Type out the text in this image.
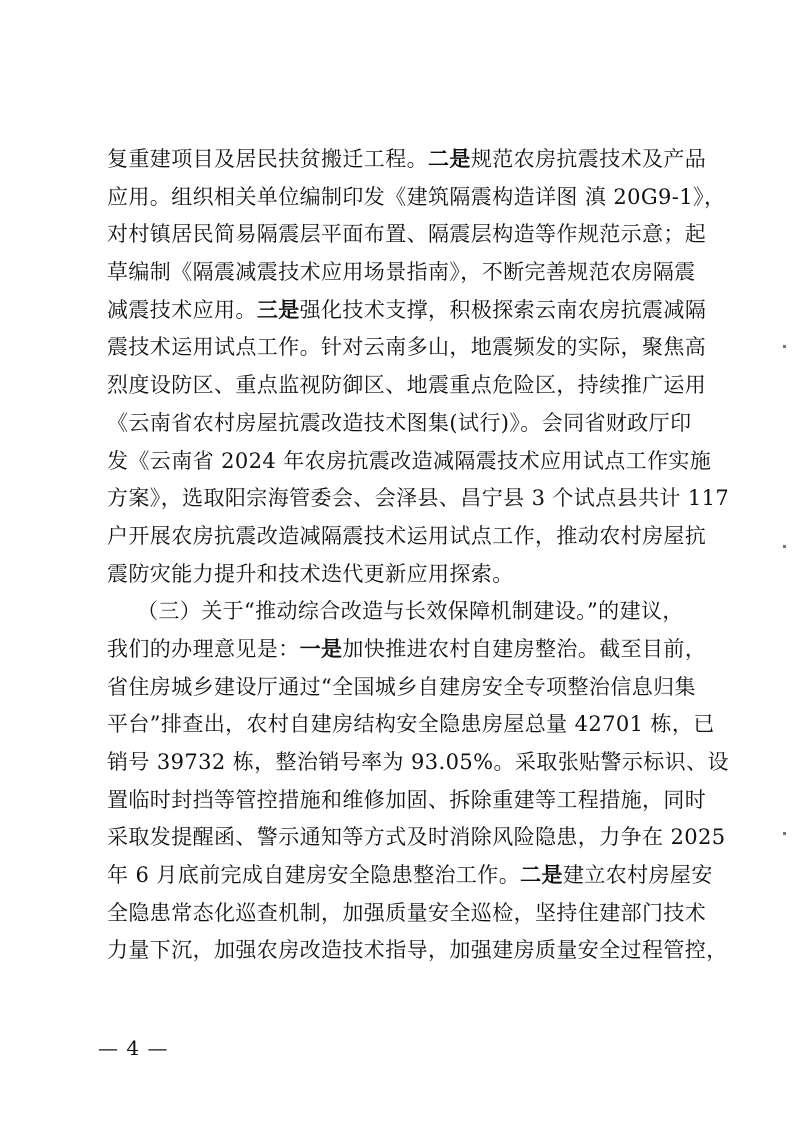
复重建项目及居民扶贫搬迁工程。二是规范农房抗震技术及产品
应用。组织相关单位编制印发《建筑隔震构造详图 滇 20G9-1》，
对村镇居民简易隔震层平面布置、隔震层构造等作规范示意；起
草编制《隔震减震技术应用场景指南》，不断完善规范农房隔震
减震技术应用。三是强化技术支撑，积极探索云南农房抗震减隔
震技术运用试点工作。针对云南多山，地震频发的实际，聚焦高
烈度设防区、重点监视防御区、地震重点危险区，持续推广运用
《云南省农村房屋抗震改造技术图集(试行)》。会同省财政厅印
发《云南省 2024 年农房抗震改造减隔震技术应用试点工作实施
方案》，选取阳宗海管委会、会泽县、昌宁县 3 个试点县共计 117
户开展农房抗震改造减隔震技术运用试点工作，推动农村房屋抗
震防灾能力提升和技术迭代更新应用探索。
（三）关于“推动综合改造与长效保障机制建设。”的建议，
我们的办理意见是：一是加快推进农村自建房整治。截至目前，
省住房城乡建设厅通过“全国城乡自建房安全专项整治信息归集
平台”排查出，农村自建房结构安全隐患房屋总量 42701 栋，已
销号 39732 栋，整治销号率为 93.05%。采取张贴警示标识、设
置临时封挡等管控措施和维修加固、拆除重建等工程措施，同时
采取发提醒函、警示通知等方式及时消除风险隐患，力争在 2025
年 6 月底前完成自建房安全隐患整治工作。二是建立农村房屋安
全隐患常态化巡查机制，加强质量安全巡检，坚持住建部门技术
力量下沉，加强农房改造技术指导，加强建房质量安全过程管控，
— 4 —
